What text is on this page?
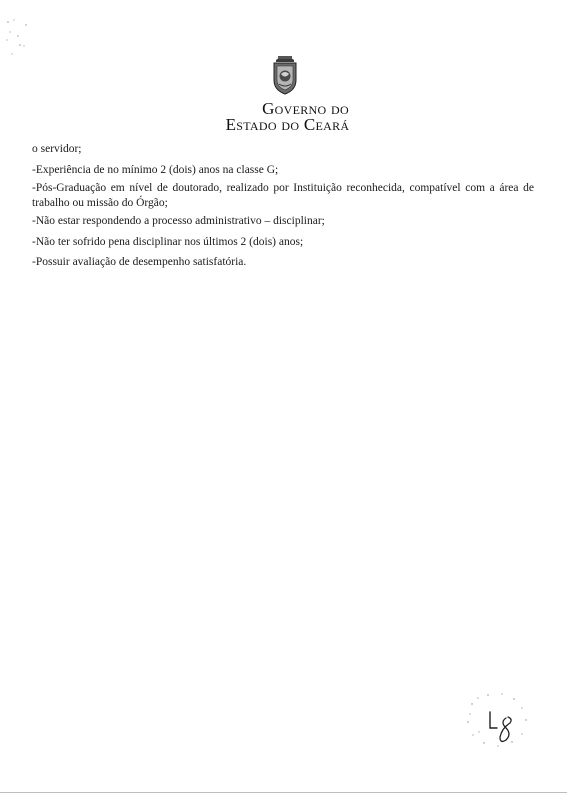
Governo do
Estado do Ceará
o servidor;
-Experiência de no mínimo 2 (dois) anos na classe G;
-Pós-Graduação em nível de doutorado, realizado por Instituição reconhecida, compatível com a área de trabalho ou missão do Órgão;
-Não estar respondendo a processo administrativo – disciplinar;
-Não ter sofrido pena disciplinar nos últimos 2 (dois) anos;
-Possuir avaliação de desempenho satisfatória.
